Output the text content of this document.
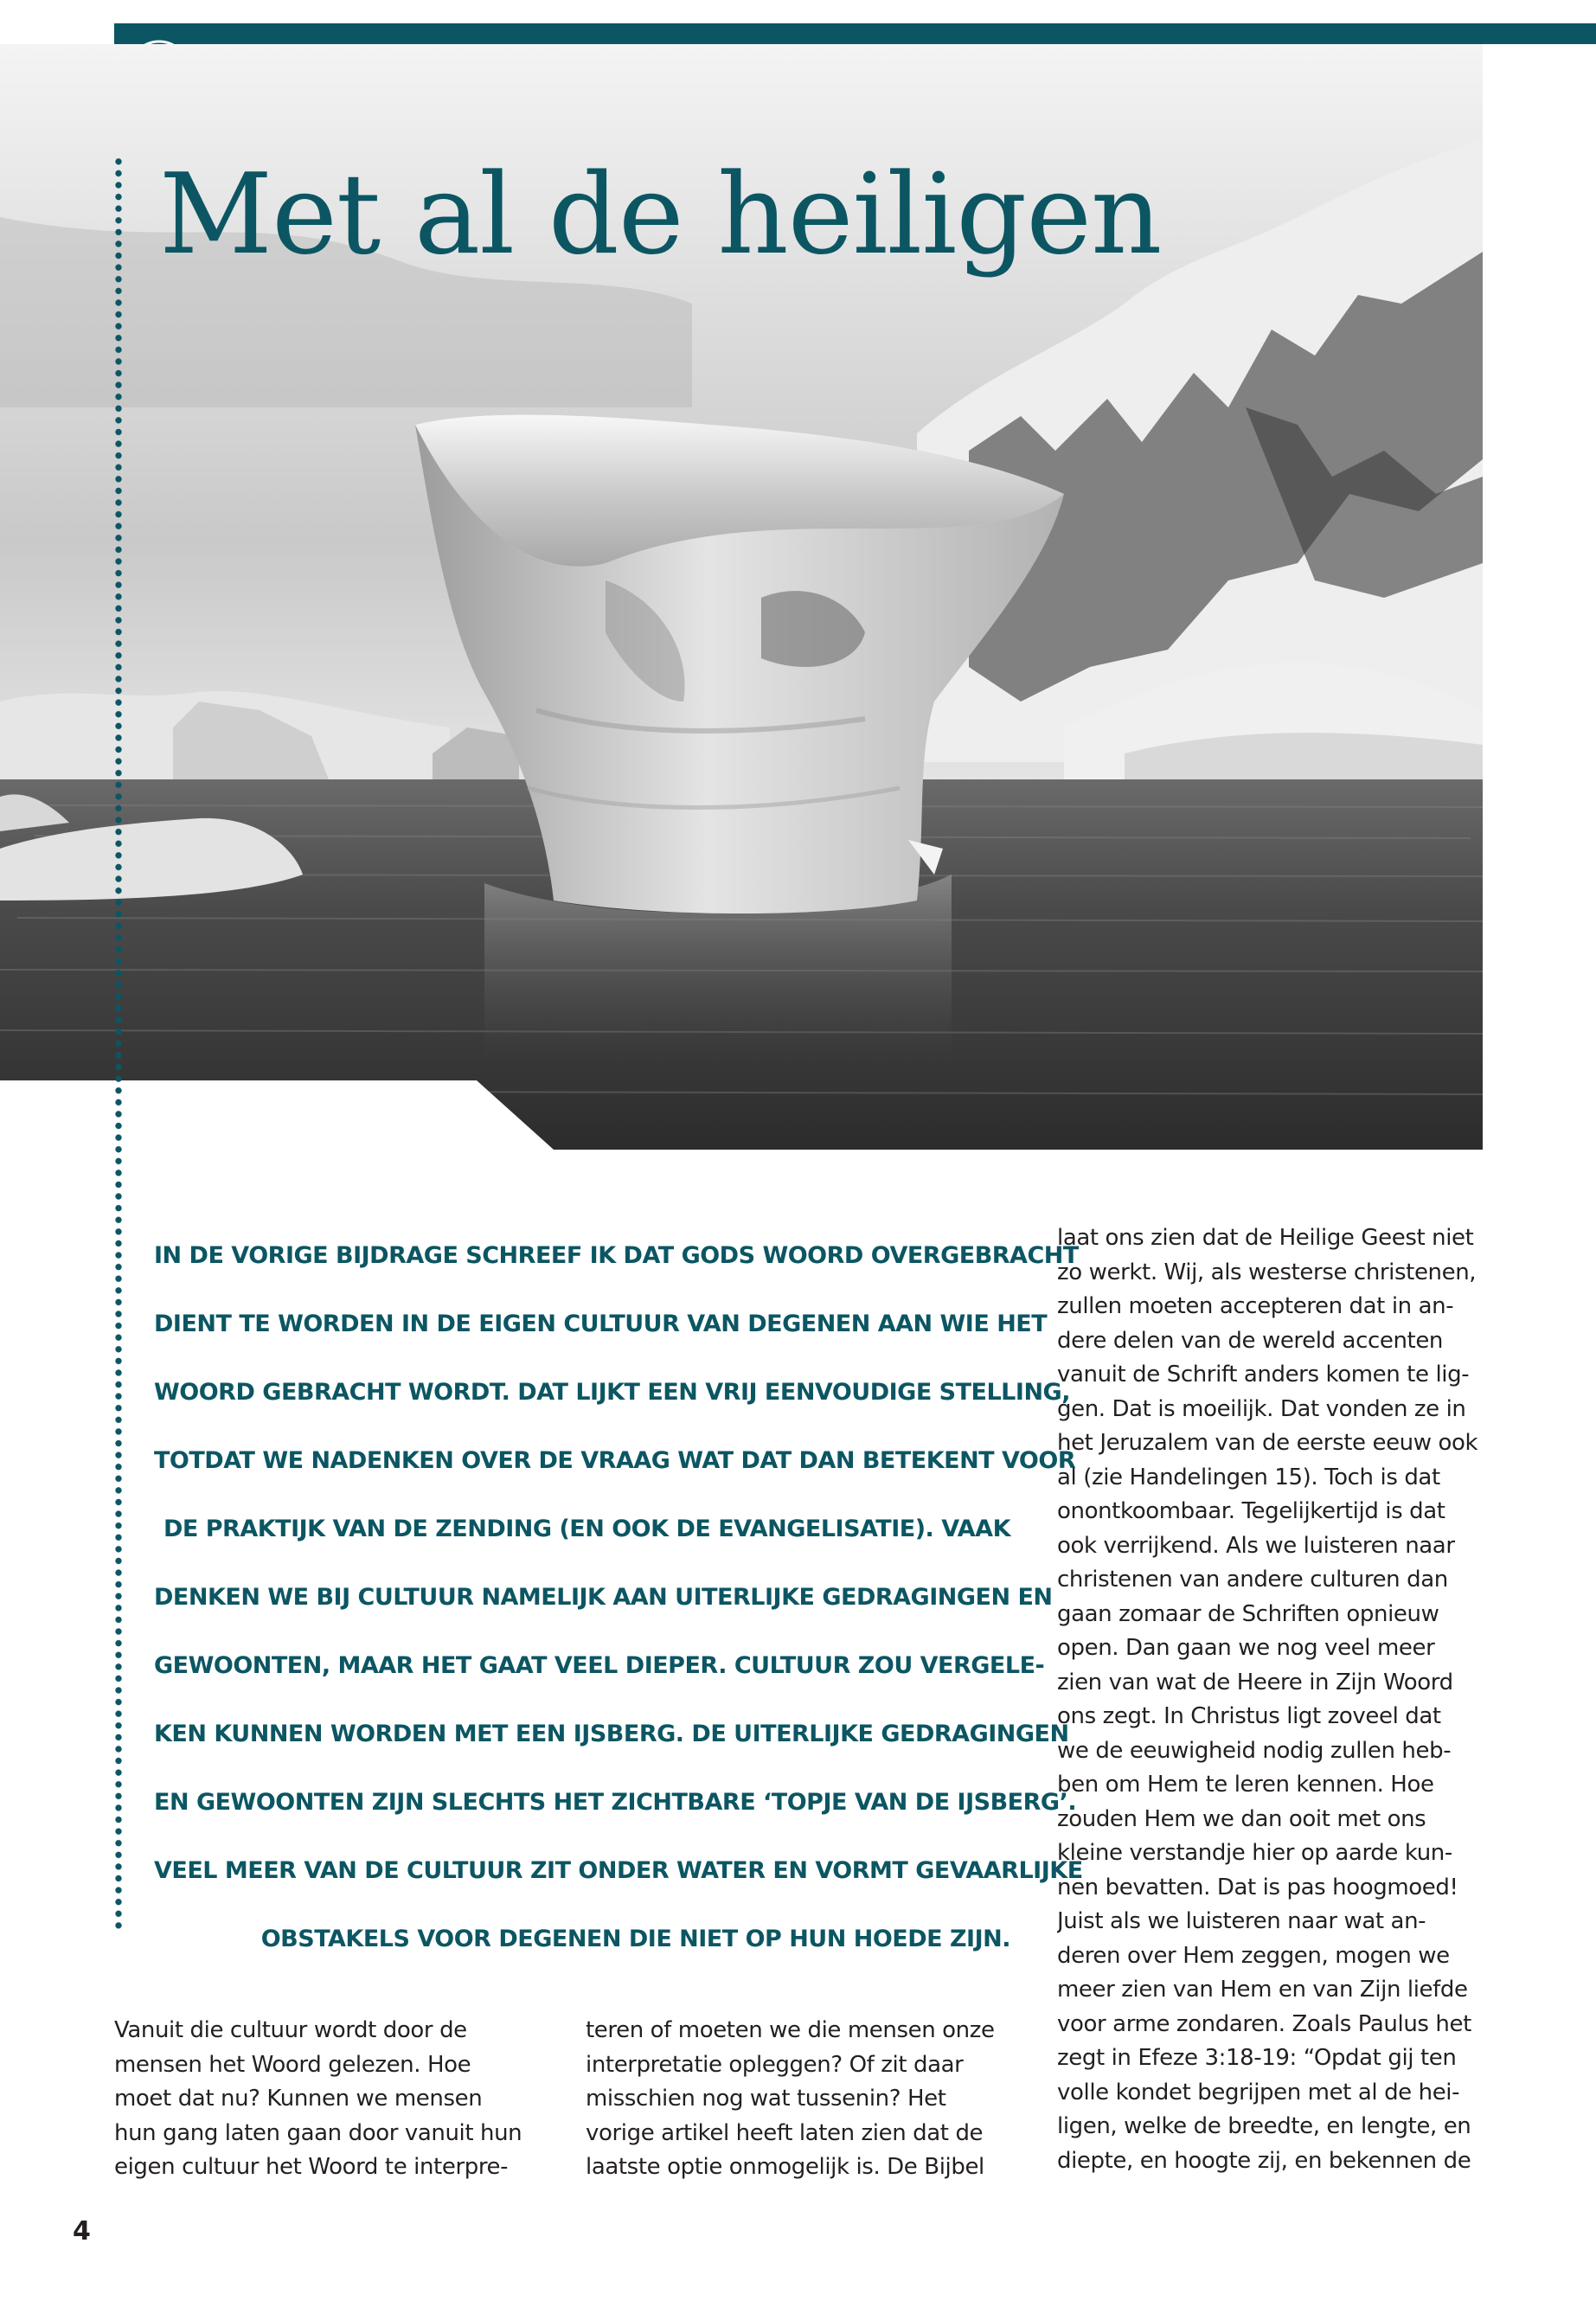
Met al de heiligen
IN DE VORIGE BIJDRAGE SCHREEF IK DAT GODS WOORD OVERGEBRACHT
DIENT TE WORDEN IN DE EIGEN CULTUUR VAN DEGENEN AAN WIE HET
WOORD GEBRACHT WORDT. DAT LIJKT EEN VRIJ EENVOUDIGE STELLING,
TOTDAT WE NADENKEN OVER DE VRAAG WAT DAT DAN BETEKENT VOOR
DE PRAKTIJK VAN DE ZENDING (EN OOK DE EVANGELISATIE). VAAK
DENKEN WE BIJ CULTUUR NAMELIJK AAN UITERLIJKE GEDRAGINGEN EN
GEWOONTEN, MAAR HET GAAT VEEL DIEPER. CULTUUR ZOU VERGELE-
KEN KUNNEN WORDEN MET EEN IJSBERG. DE UITERLIJKE GEDRAGINGEN
EN GEWOONTEN ZIJN SLECHTS HET ZICHTBARE ‘TOPJE VAN DE IJSBERG’.
VEEL MEER VAN DE CULTUUR ZIT ONDER WATER EN VORMT GEVAARLIJKE
OBSTAKELS VOOR DEGENEN DIE NIET OP HUN HOEDE ZIJN.
Vanuit die cultuur wordt door de
mensen het Woord gelezen. Hoe
moet dat nu? Kunnen we mensen
hun gang laten gaan door vanuit hun
eigen cultuur het Woord te interpre-
teren of moeten we die mensen onze
interpretatie opleggen? Of zit daar
misschien nog wat tussenin? Het
vorige artikel heeft laten zien dat de
laatste optie onmogelijk is. De Bijbel
laat ons zien dat de Heilige Geest niet
zo werkt. Wij, als westerse christenen,
zullen moeten accepteren dat in an-
dere delen van de wereld accenten
vanuit de Schrift anders komen te lig-
gen. Dat is moeilijk. Dat vonden ze in
het Jeruzalem van de eerste eeuw ook
al (zie Handelingen 15). Toch is dat
onontkoombaar. Tegelijkertijd is dat
ook verrijkend. Als we luisteren naar
christenen van andere culturen dan
gaan zomaar de Schriften opnieuw
open. Dan gaan we nog veel meer
zien van wat de Heere in Zijn Woord
ons zegt. In Christus ligt zoveel dat
we de eeuwigheid nodig zullen heb-
ben om Hem te leren kennen. Hoe
zouden Hem we dan ooit met ons
kleine verstandje hier op aarde kun-
nen bevatten. Dat is pas hoogmoed!
Juist als we luisteren naar wat an-
deren over Hem zeggen, mogen we
meer zien van Hem en van Zijn liefde
voor arme zondaren. Zoals Paulus het
zegt in Efeze 3:18-19: “Opdat gij ten
volle kondet begrijpen met al de hei-
ligen, welke de breedte, en lengte, en
diepte, en hoogte zij, en bekennen de
4
